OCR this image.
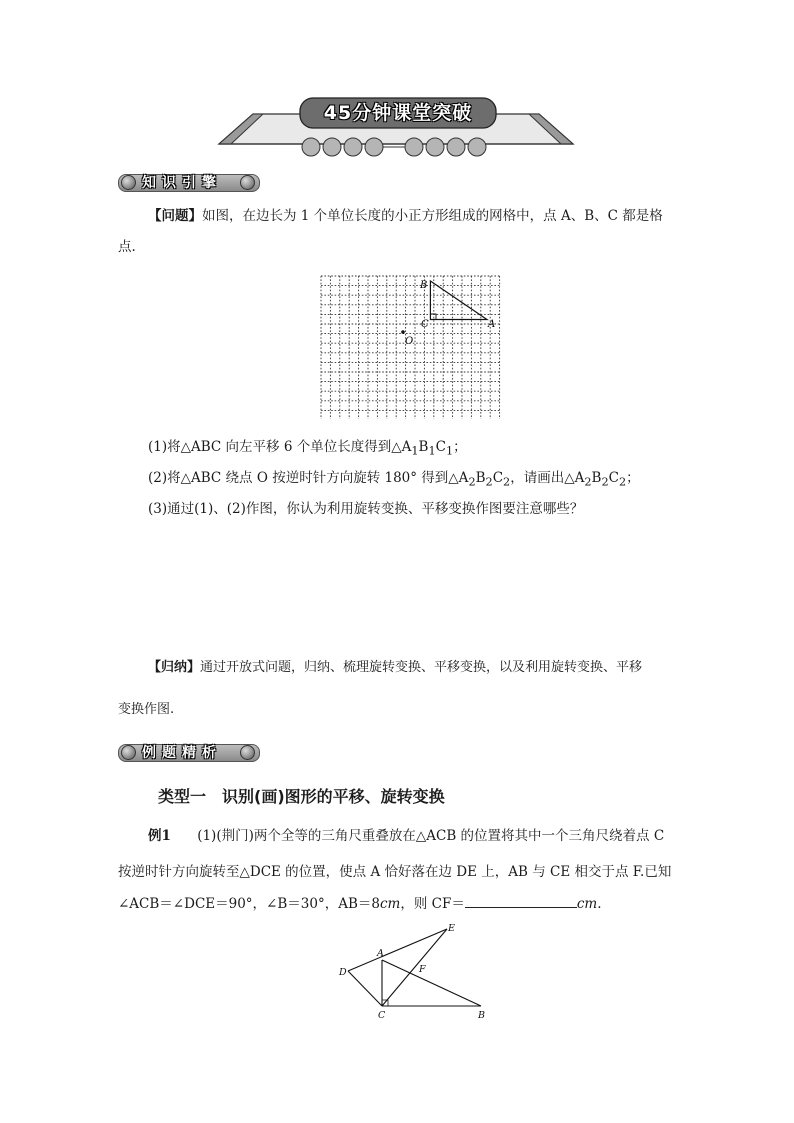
45分钟课堂突破
知识引擎
【问题】如图，在边长为 1 个单位长度的小正方形组成的网格中，点 A、B、C 都是格
点.
B
C	A
O
(1)将△ABC 向左平移 6 个单位长度得到$\triangle A_1B_1C_1$；
(2)将△ABC 绕点 O 按逆时针方向旋转 180° 得到$\triangle A_2B_2C_2$，请画出$\triangle A_2B_2C_2$；
(3)通过(1)、(2)作图，你认为利用旋转变换、平移变换作图要注意哪些？
【归纳】通过开放式问题，归纳、梳理旋转变换、平移变换，以及利用旋转变换、平移
变换作图.
例题精析
类型一　识别(画)图形的平移、旋转变换
例1 (1)(荆门)两个全等的三角尺重叠放在△ACB 的位置将其中一个三角尺绕着点 C
按逆时针方向旋转至△DCE 的位置，使点 A 恰好落在边 DE 上，AB 与 CE 相交于点 F.已知
∠ACB＝∠DCE＝90°，∠B＝30°，AB＝8cm，则 CF＝	cm.
A
B
C
D
E
F
